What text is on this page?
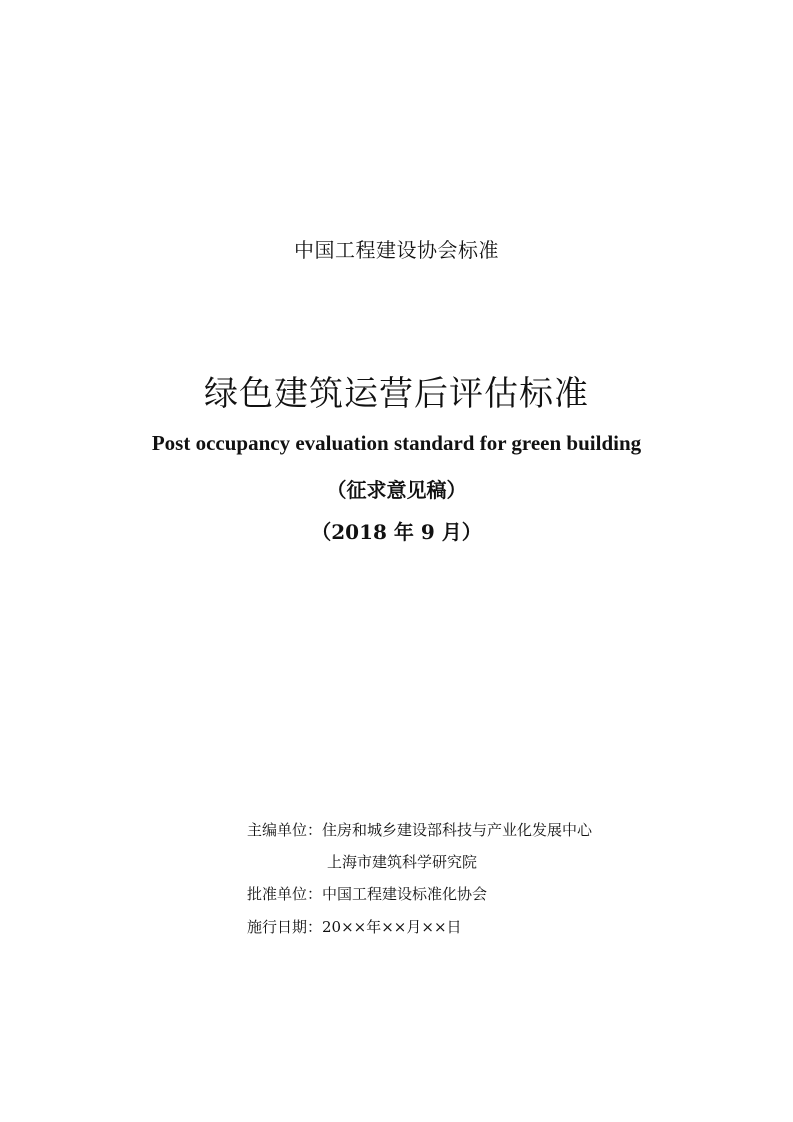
中国工程建设协会标准
绿色建筑运营后评估标准
Post occupancy evaluation standard for green building
（征求意见稿）
（2018 年 9 月）
主编单位：住房和城乡建设部科技与产业化发展中心
上海市建筑科学研究院
批准单位：中国工程建设标准化协会
施行日期：20××年××月××日
